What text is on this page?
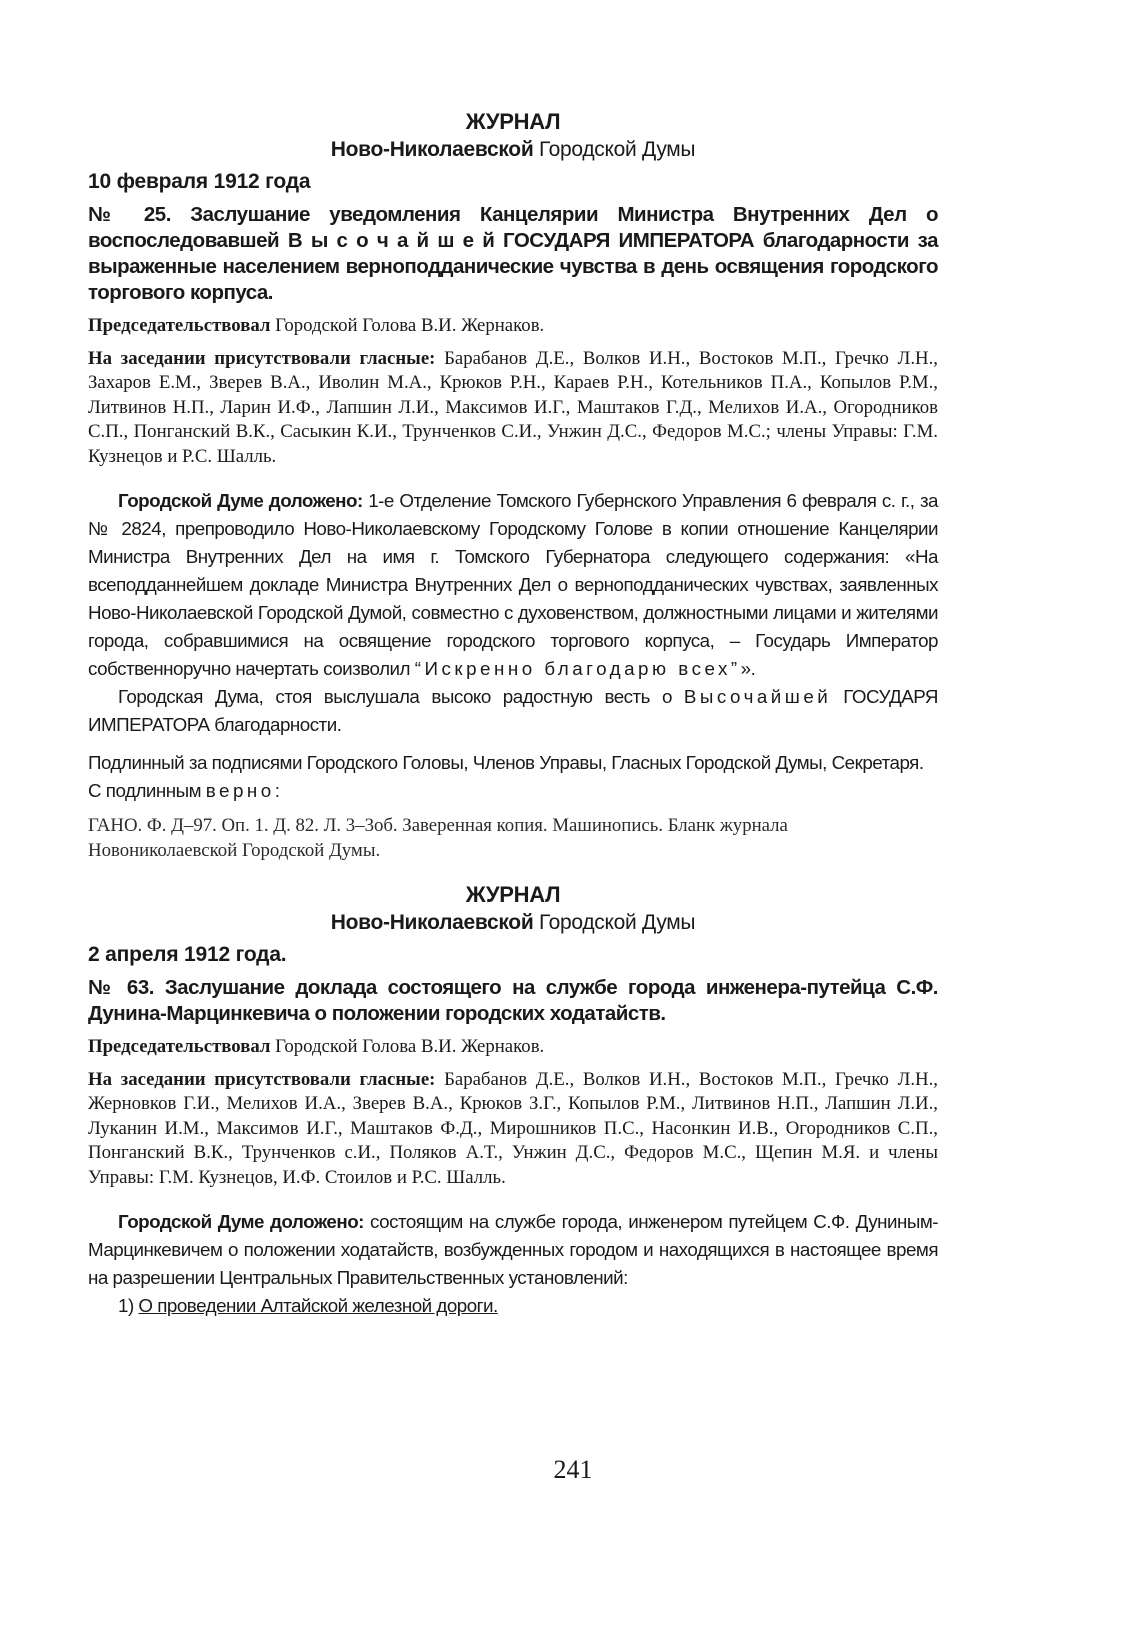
ЖУРНАЛ

Ново-Николаевской Городской Думы

10 февраля 1912 года

№ 25. Заслушание уведомления Канцелярии Министра Внутренних Дел о воспоследовавшей В ы с о ч а й ш е й ГОСУДАРЯ ИМПЕРАТОРА благодарности за выраженные населением верноподданические чувства в день освящения городского торгового корпуса.

Председательствовал Городской Голова В.И. Жернаков.

На заседании присутствовали гласные: Барабанов Д.Е., Волков И.Н., Востоков М.П., Гречко Л.Н., Захаров Е.М., Зверев В.А., Иволин М.А., Крюков Р.Н., Караев Р.Н., Котельников П.А., Копылов Р.М., Литвинов Н.П., Ларин И.Ф., Лапшин Л.И., Максимов И.Г., Маштаков Г.Д., Мелихов И.А., Огородников С.П., Понганский В.К., Сасыкин К.И., Трунченков С.И., Унжин Д.С., Федоров М.С.; члены Управы: Г.М. Кузнецов и Р.С. Шалль.

Городской Думе доложено: 1-е Отделение Томского Губернского Управления 6 февраля с. г., за № 2824, препроводило Ново-Николаевскому Городскому Голове в копии отношение Канцелярии Министра Внутренних Дел на имя г. Томского Губернатора следующего содержания: «На всеподданнейшем докладе Министра Внутренних Дел о верноподданических чувствах, заявленных Ново-Николаевской Городской Думой, совместно с духовенством, должностными лицами и жителями города, собравшимися на освящение городского торгового корпуса, – Государь Император собственноручно начертать соизволил “Искренно благодарю всех”».

Городская Дума, стоя выслушала высоко радостную весть о Высочайшей ГОСУДАРЯ ИМПЕРАТОРА благодарности.

Подлинный за подписями Городского Головы, Членов Управы, Гласных Городской Думы, Секретаря.

С подлинным верно:

ГАНО. Ф. Д–97. Оп. 1. Д. 82. Л. 3–3об. Заверенная копия. Машинопись. Бланк журнала Новониколаевской Городской Думы.

ЖУРНАЛ

Ново-Николаевской Городской Думы

2 апреля 1912 года.

№ 63. Заслушание доклада состоящего на службе города инженера-путейца С.Ф. Дунина-Марцинкевича о положении городских ходатайств.

Председательствовал Городской Голова В.И. Жернаков.

На заседании присутствовали гласные: Барабанов Д.Е., Волков И.Н., Востоков М.П., Гречко Л.Н., Жерновков Г.И., Мелихов И.А., Зверев В.А., Крюков З.Г., Копылов Р.М., Литвинов Н.П., Лапшин Л.И., Луканин И.М., Максимов И.Г., Маштаков Ф.Д., Мирошников П.С., Насонкин И.В., Огородников С.П., Понганский В.К., Трунченков с.И., Поляков А.Т., Унжин Д.С., Федоров М.С., Щепин М.Я. и члены Управы: Г.М. Кузнецов, И.Ф. Стоилов и Р.С. Шалль.

Городской Думе доложено: состоящим на службе города, инженером путейцем С.Ф. Дуниным-Марцинкевичем о положении ходатайств, возбужденных городом и находящихся в настоящее время на разрешении Центральных Правительственных установлений:

1) О проведении Алтайской железной дороги.

241
